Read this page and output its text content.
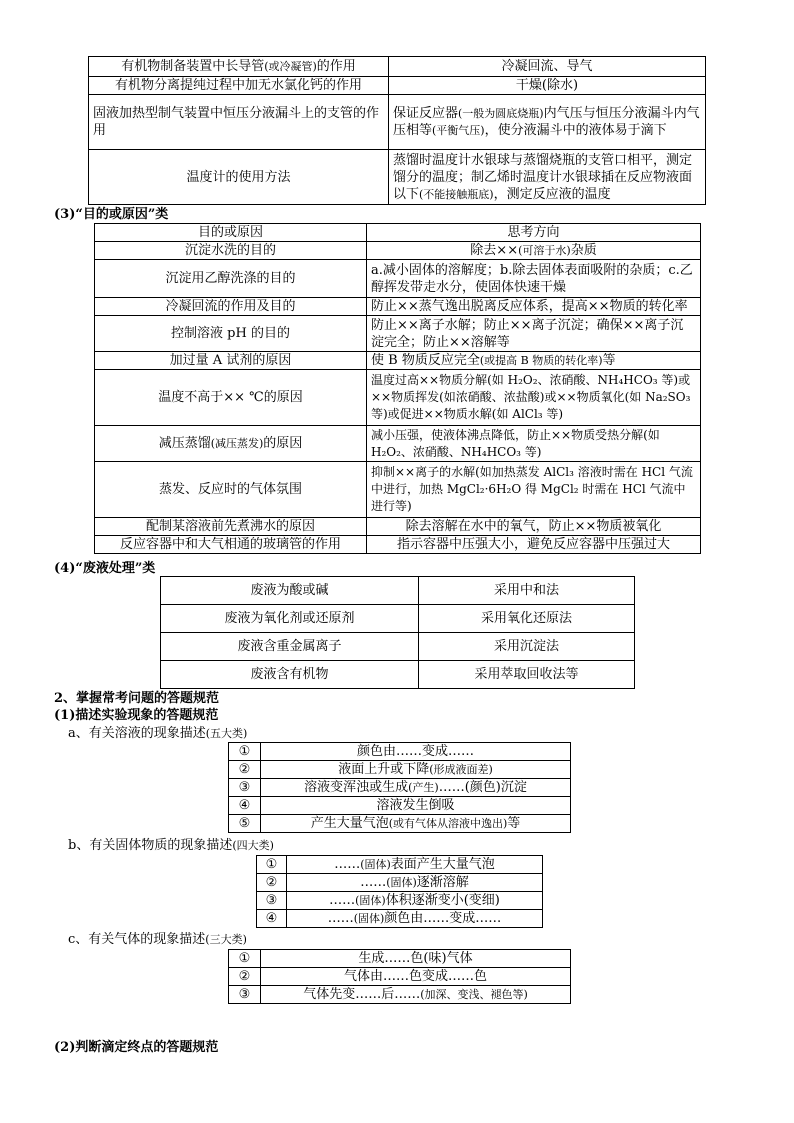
有机物制备装置中长导管(或冷凝管)的作用	冷凝回流、导气
有机物分离提纯过程中加无水氯化钙的作用	干燥(除水)
固液加热型制气装置中恒压分液漏斗上的支管的作用	保证反应器(一般为圆底烧瓶)内气压与恒压分液漏斗内气压相等(平衡气压)，使分液漏斗中的液体易于滴下
温度计的使用方法	蒸馏时温度计水银球与蒸馏烧瓶的支管口相平，测定馏分的温度；制乙烯时温度计水银球插在反应物液面以下(不能接触瓶底)，测定反应液的温度
(3)“目的或原因”类
目的或原因	思考方向
沉淀水洗的目的	除去××(可溶于水)杂质
沉淀用乙醇洗涤的目的	a.减小固体的溶解度；b.除去固体表面吸附的杂质；c.乙醇挥发带走水分，使固体快速干燥
冷凝回流的作用及目的	防止××蒸气逸出脱离反应体系，提高××物质的转化率
控制溶液 pH 的目的	防止××离子水解；防止××离子沉淀；确保××离子沉淀完全；防止××溶解等
加过量 A 试剂的原因	使 B 物质反应完全(或提高 B 物质的转化率)等
温度不高于×× ℃的原因	温度过高××物质分解(如 H₂O₂、浓硝酸、NH₄HCO₃ 等)或××物质挥发(如浓硝酸、浓盐酸)或××物质氧化(如 Na₂SO₃ 等)或促进××物质水解(如 AlCl₃ 等)
减压蒸馏(减压蒸发)的原因	减小压强，使液体沸点降低，防止××物质受热分解(如 H₂O₂、浓硝酸、NH₄HCO₃ 等)
蒸发、反应时的气体氛围	抑制××离子的水解(如加热蒸发 AlCl₃ 溶液时需在 HCl 气流中进行，加热 MgCl₂·6H₂O 得 MgCl₂ 时需在 HCl 气流中进行等)
配制某溶液前先煮沸水的原因	除去溶解在水中的氧气，防止××物质被氧化
反应容器中和大气相通的玻璃管的作用	指示容器中压强大小，避免反应容器中压强过大
(4)“废液处理”类
废液为酸或碱	采用中和法
废液为氧化剂或还原剂	采用氧化还原法
废液含重金属离子	采用沉淀法
废液含有机物	采用萃取回收法等
2、掌握常考问题的答题规范
(1)描述实验现象的答题规范
a、有关溶液的现象描述(五大类)
①	颜色由……变成……
②	液面上升或下降(形成液面差)
③	溶液变浑浊或生成(产生)……(颜色)沉淀
④	溶液发生倒吸
⑤	产生大量气泡(或有气体从溶液中逸出)等
b、有关固体物质的现象描述(四大类)
①	……(固体)表面产生大量气泡
②	……(固体)逐渐溶解
③	……(固体)体积逐渐变小(变细)
④	……(固体)颜色由……变成……
c、有关气体的现象描述(三大类)
①	生成……色(味)气体
②	气体由……色变成……色
③	气体先变……后……(加深、变浅、褪色等)
(2)判断滴定终点的答题规范
